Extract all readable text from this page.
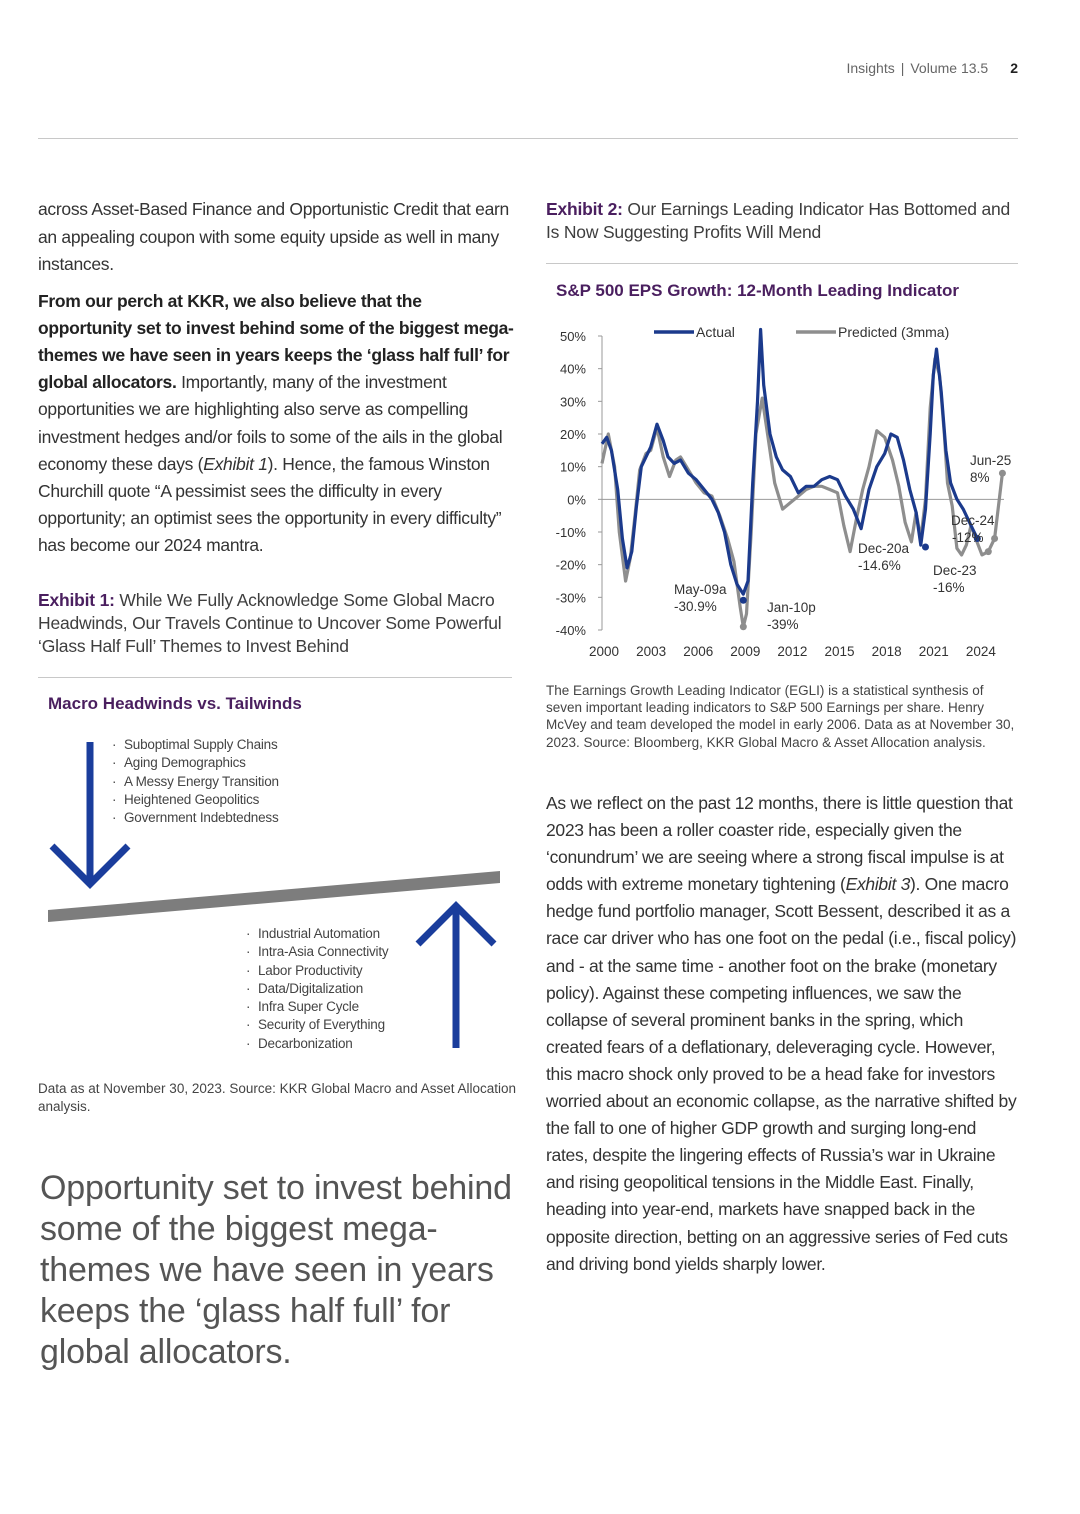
Insights | Volume 13.5 2

across Asset-Based Finance and Opportunistic Credit that earn an appealing coupon with some equity upside as well in many instances.

From our perch at KKR, we also believe that the opportunity set to invest behind some of the biggest mega-themes we have seen in years keeps the ‘glass half full’ for global allocators. Importantly, many of the investment opportunities we are highlighting also serve as compelling investment hedges and/or foils to some of the ails in the global economy these days (Exhibit 1). Hence, the famous Winston Churchill quote “A pessimist sees the difficulty in every opportunity; an optimist sees the opportunity in every difficulty” has become our 2024 mantra.

Exhibit 1: While We Fully Acknowledge Some Global Macro Headwinds, Our Travels Continue to Uncover Some Powerful ‘Glass Half Full’ Themes to Invest Behind
Macro Headwinds vs. Tailwinds
· Suboptimal Supply Chains
· Aging Demographics
· A Messy Energy Transition
· Heightened Geopolitics
· Government Indebtedness
· Industrial Automation
· Intra-Asia Connectivity
· Labor Productivity
· Data/Digitalization
· Infra Super Cycle
· Security of Everything
· Decarbonization
Data as at November 30, 2023. Source: KKR Global Macro and Asset Allocation analysis.
Opportunity set to invest behind some of the biggest mega-themes we have seen in years keeps the ‘glass half full’ for global allocators.
Exhibit 2: Our Earnings Leading Indicator Has Bottomed and Is Now Suggesting Profits Will Mend
S&P 500 EPS Growth: 12-Month Leading Indicator
50%
40%
30%
20%
10%
0%
-10%
-20%
-30%
-40%
2000 2003 2006 2009 2012 2015 2018 2021 2024
Actual	Predicted (3mma)
May-09a
-30.9%	Jan-10p
-39%
Dec-20a
-14.6% Dec-23
-16%
Dec-24
-12%
Jun-25
8%
The Earnings Growth Leading Indicator (EGLI) is a statistical synthesis of seven important leading indicators to S&P 500 Earnings per share. Henry McVey and team developed the model in early 2006. Data as at November 30, 2023. Source: Bloomberg, KKR Global Macro & Asset Allocation analysis.

As we reflect on the past 12 months, there is little question that 2023 has been a roller coaster ride, especially given the ‘conundrum’ we are seeing where a strong fiscal impulse is at odds with extreme monetary tightening (Exhibit 3). One macro hedge fund portfolio manager, Scott Bessent, described it as a race car driver who has one foot on the pedal (i.e., fiscal policy) and - at the same time - another foot on the brake (monetary policy). Against these competing influences, we saw the collapse of several prominent banks in the spring, which created fears of a deflationary, deleveraging cycle. However, this macro shock only proved to be a head fake for investors worried about an economic collapse, as the narrative shifted by the fall to one of higher GDP growth and surging long-end rates, despite the lingering effects of Russia’s war in Ukraine and rising geopolitical tensions in the Middle East. Finally, heading into year-end, markets have snapped back in the opposite direction, betting on an aggressive series of Fed cuts and driving bond yields sharply lower.
